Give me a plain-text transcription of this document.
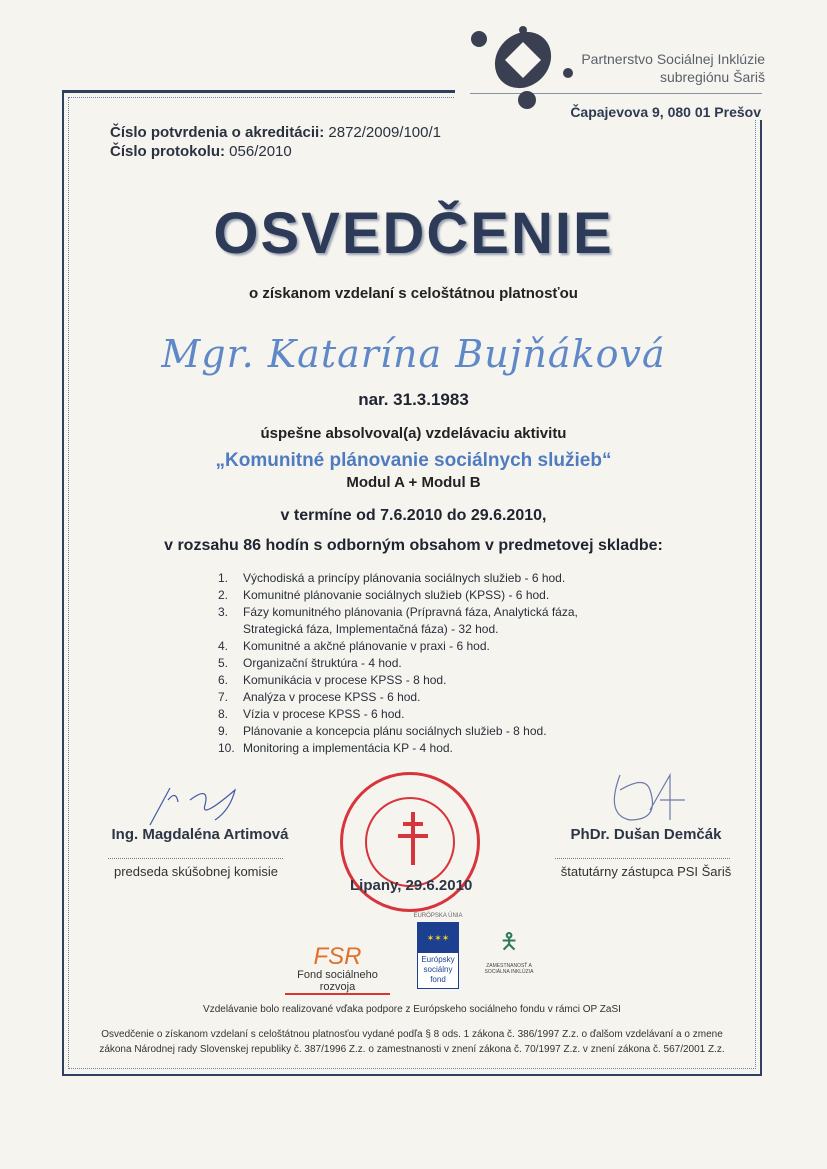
Partnerstvo Sociálnej Inklúzie
subregiónu Šariš
Čapajevova 9, 080 01 Prešov
Číslo potvrdenia o akreditácii: 2872/2009/100/1
Číslo protokolu: 056/2010
OSVEDČENIE
o získanom vzdelaní s celoštátnou platnosťou
Mgr. Katarína Bujňáková
nar. 31.3.1983
úspešne absolvoval(a) vzdelávaciu aktivitu
„Komunitné plánovanie sociálnych služieb“
Modul A + Modul B
v termíne od 7.6.2010 do 29.6.2010,
v rozsahu 86 hodín s odborným obsahom v predmetovej skladbe:
1.	Východiská a princípy plánovania sociálnych služieb - 6 hod.
2.	Komunitné plánovanie sociálnych služieb (KPSS) - 6 hod.
3.	Fázy komunitného plánovania (Prípravná fáza, Analytická fáza,
Strategická fáza, Implementačná fáza) - 32 hod.
4.	Komunitné a akčné plánovanie v praxi - 6 hod.
5.	Organizační štruktúra - 4 hod.
6.	Komunikácia v procese KPSS - 8 hod.
7.	Analýza v procese KPSS - 6 hod.
8.	Vízia v procese KPSS - 6 hod.
9.	Plánovanie a koncepcia plánu sociálnych služieb - 8 hod.
10. Monitoring a implementácia KP - 4 hod.
Ing. Magdaléna Artimová
predseda skúšobnej komisie
PhDr. Dušan Demčák
štatutárny zástupca PSI Šariš
Lipany, 29.6.2010
FSR
Fond sociálneho rozvoja
EURÓPSKA ÚNIA
✶✶✶
Európsky sociálny fond
🯅
ZAMESTNANOSŤ A SOCIÁLNA INKLÚZIA
Vzdelávanie bolo realizované vďaka podpore z Európskeho sociálneho fondu v rámci OP ZaSI
Osvedčenie o získanom vzdelaní s celoštátnou platnosťou vydané podľa § 8 ods. 1 zákona č. 386/1997 Z.z. o ďalšom vzdelávaní a o zmene
zákona Národnej rady Slovenskej republiky č. 387/1996 Z.z. o zamestnanosti v znení zákona č. 70/1997 Z.z. v znení zákona č. 567/2001 Z.z.
